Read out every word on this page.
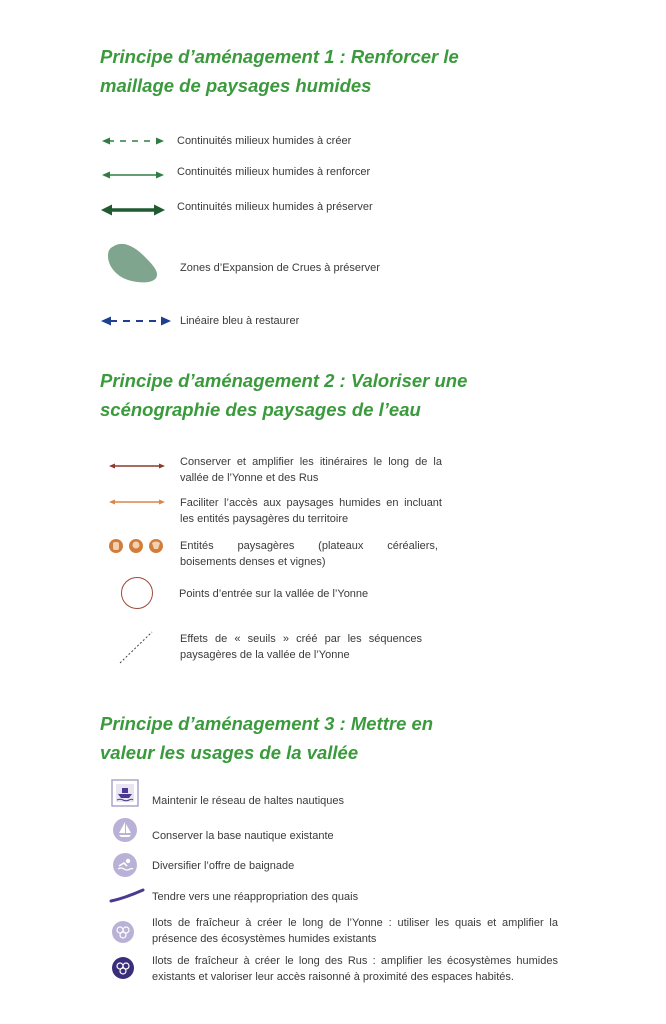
Principe d’aménagement 1 : Renforcer le maillage de paysages humides
Continuités milieux humides à créer
Continuités milieux humides à renforcer
Continuités milieux humides à préserver
Zones d’Expansion de Crues à préserver
Linéaire bleu à restaurer
Principe d’aménagement 2 : Valoriser une scénographie des paysages de l’eau
Conserver et amplifier les itinéraires le long de la
vallée de l’Yonne et des Rus
Faciliter l’accès aux paysages humides en incluant
les entités paysagères du territoire
Entités paysagères (plateaux céréaliers,
boisements denses et vignes)
Points d’entrée sur la vallée de l’Yonne
Effets de « seuils » créé par les séquences
paysagères de la vallée de l’Yonne
Principe d’aménagement 3 : Mettre en valeur les usages de la vallée
Maintenir le réseau de haltes nautiques
Conserver la base nautique existante
Diversifier l’offre de baignade
Tendre vers une réappropriation des quais
Ilots de fraîcheur à créer le long de l’Yonne : utiliser les quais et amplifier la
présence des écosystèmes humides existants
Ilots de fraîcheur à créer le long des Rus : amplifier les écosystèmes humides
existants et valoriser leur accès raisonné à proximité des espaces habités.
